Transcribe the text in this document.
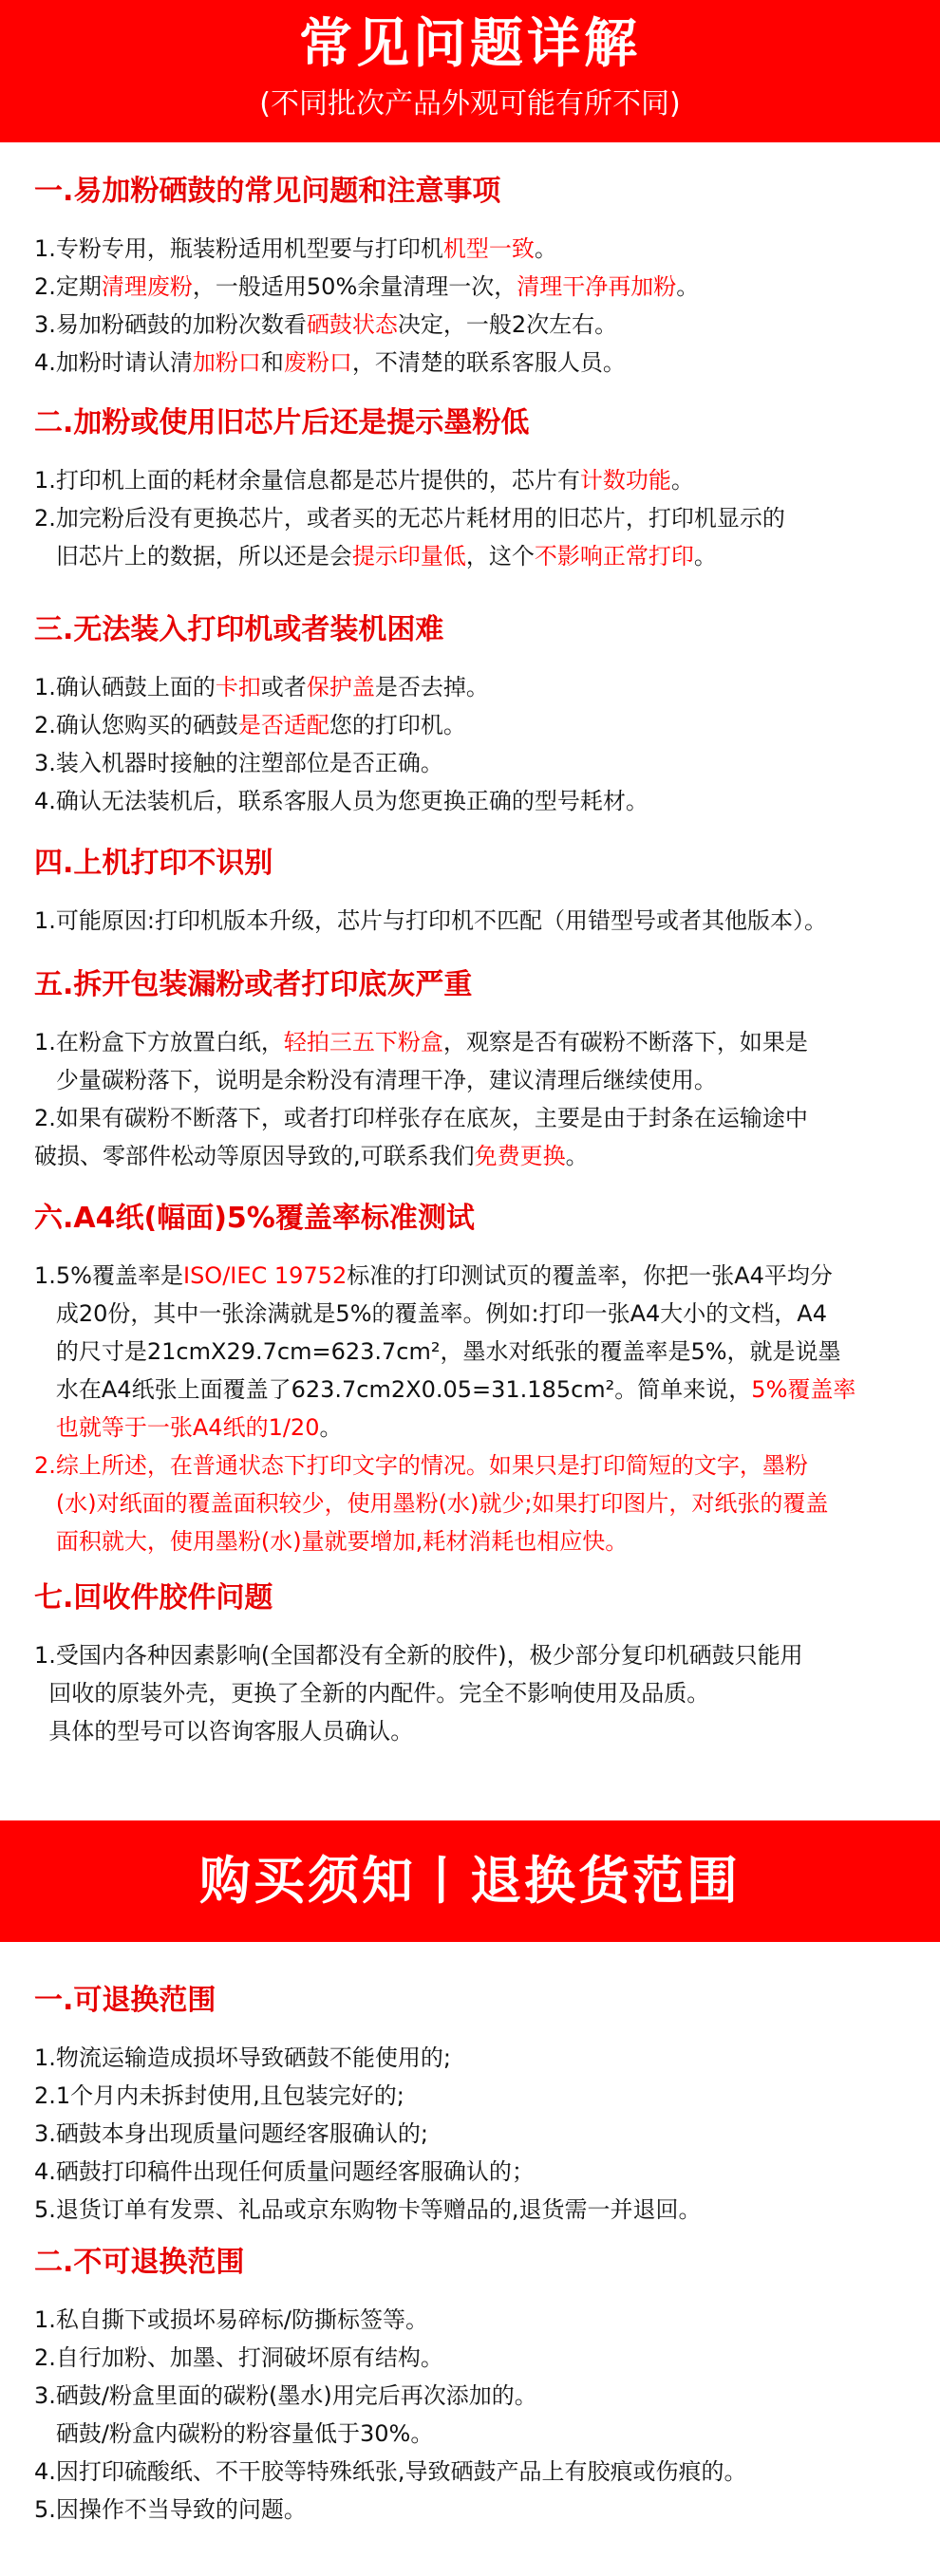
常见问题详解
(不同批次产品外观可能有所不同)
一.易加粉硒鼓的常见问题和注意事项
1.专粉专用，瓶装粉适用机型要与打印机机型一致。
2.定期清理废粉，一般适用50%余量清理一次，清理干净再加粉。
3.易加粉硒鼓的加粉次数看硒鼓状态决定，一般2次左右。
4.加粉时请认清加粉口和废粉口，不清楚的联系客服人员。
二.加粉或使用旧芯片后还是提示墨粉低
1.打印机上面的耗材余量信息都是芯片提供的，芯片有计数功能。
2.加完粉后没有更换芯片，或者买的无芯片耗材用的旧芯片，打印机显示的
旧芯片上的数据，所以还是会提示印量低，这个不影响正常打印。
三.无法装入打印机或者装机困难
1.确认硒鼓上面的卡扣或者保护盖是否去掉。
2.确认您购买的硒鼓是否适配您的打印机。
3.装入机器时接触的注塑部位是否正确。
4.确认无法装机后，联系客服人员为您更换正确的型号耗材。
四.上机打印不识别
1.可能原因:打印机版本升级，芯片与打印机不匹配（用错型号或者其他版本）。
五.拆开包装漏粉或者打印底灰严重
1.在粉盒下方放置白纸，轻拍三五下粉盒，观察是否有碳粉不断落下，如果是
少量碳粉落下，说明是余粉没有清理干净，建议清理后继续使用。
2.如果有碳粉不断落下，或者打印样张存在底灰，主要是由于封条在运输途中
破损、零部件松动等原因导致的,可联系我们免费更换。
六.A4纸(幅面)5%覆盖率标准测试
1.5%覆盖率是ISO/IEC 19752标准的打印测试页的覆盖率，你把一张A4平均分
成20份，其中一张涂满就是5%的覆盖率。例如:打印一张A4大小的文档，A4
的尺寸是21cmX29.7cm=623.7cm²，墨水对纸张的覆盖率是5%，就是说墨
水在A4纸张上面覆盖了623.7cm2X0.05=31.185cm²。简单来说，5%覆盖率
也就等于一张A4纸的1/20。
2.综上所述，在普通状态下打印文字的情况。如果只是打印简短的文字，墨粉
(水)对纸面的覆盖面积较少，使用墨粉(水)就少;如果打印图片，对纸张的覆盖
面积就大，使用墨粉(水)量就要增加,耗材消耗也相应快。
七.回收件胶件问题
1.受国内各种因素影响(全国都没有全新的胶件)，极少部分复印机硒鼓只能用
回收的原装外壳，更换了全新的内配件。完全不影响使用及品质。
具体的型号可以咨询客服人员确认。
购买须知丨退换货范围
一.可退换范围
1.物流运输造成损坏导致硒鼓不能使用的;
2.1个月内未拆封使用,且包装完好的;
3.硒鼓本身出现质量问题经客服确认的;
4.硒鼓打印稿件出现任何质量问题经客服确认的；
5.退货订单有发票、礼品或京东购物卡等赠品的,退货需一并退回。
二.不可退换范围
1.私自撕下或损坏易碎标/防撕标签等。
2.自行加粉、加墨、打洞破坏原有结构。
3.硒鼓/粉盒里面的碳粉(墨水)用完后再次添加的。
硒鼓/粉盒内碳粉的粉容量低于30%。
4.因打印硫酸纸、不干胶等特殊纸张,导致硒鼓产品上有胶痕或伤痕的。
5.因操作不当导致的问题。
